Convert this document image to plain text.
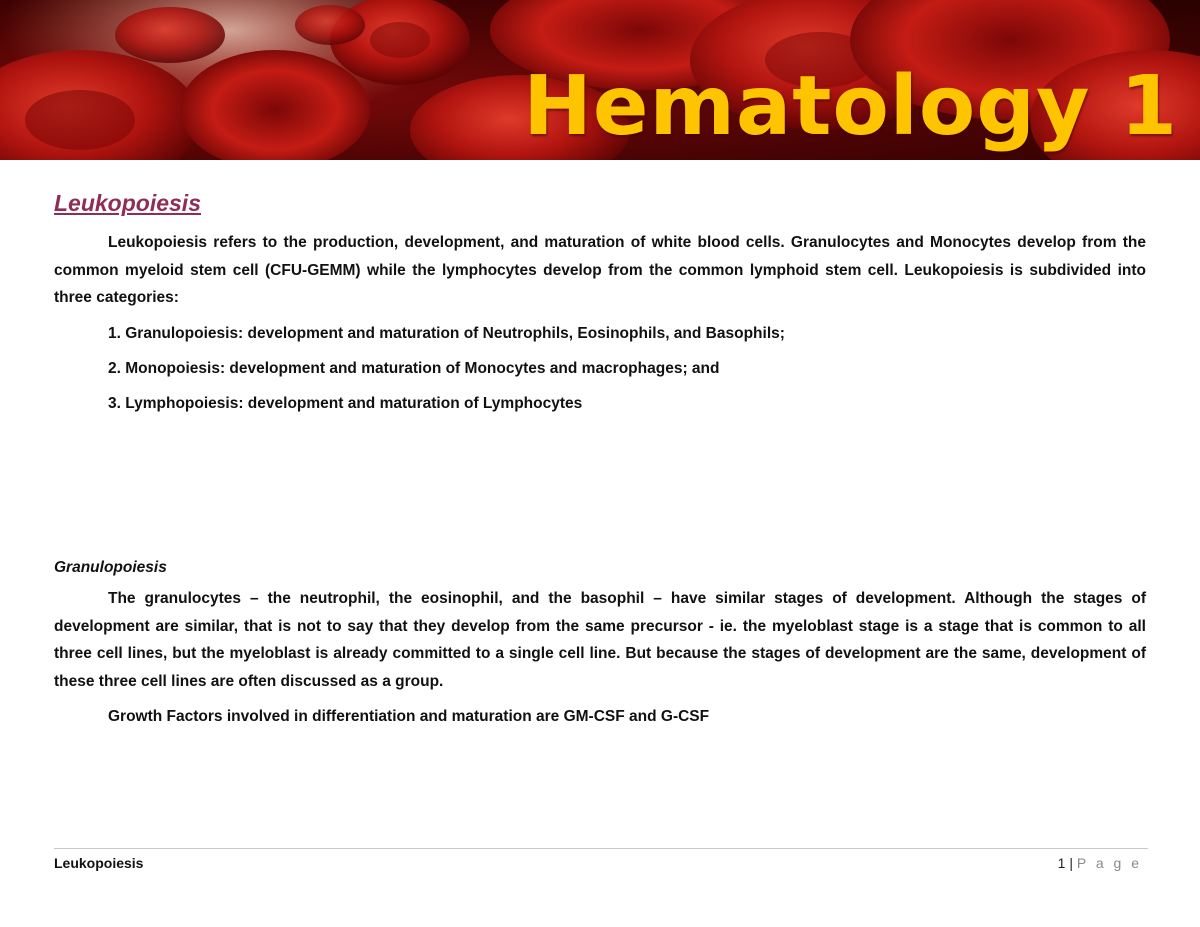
Hematology 1
Leukopoiesis

Leukopoiesis refers to the production, development, and maturation of white blood cells. Granulocytes and Monocytes develop from the common myeloid stem cell (CFU-GEMM) while the lymphocytes develop from the common lymphoid stem cell. Leukopoiesis is subdivided into three categories:

1. Granulopoiesis: development and maturation of Neutrophils, Eosinophils, and Basophils;
2. Monopoiesis: development and maturation of Monocytes and macrophages; and
3. Lymphopoiesis: development and maturation of Lymphocytes
Granulopoiesis

The granulocytes – the neutrophil, the eosinophil, and the basophil – have similar stages of development. Although the stages of development are similar, that is not to say that they develop from the same precursor - ie. the myeloblast stage is a stage that is common to all three cell lines, but the myeloblast is already committed to a single cell line. But because the stages of development are the same, development of these three cell lines are often discussed as a group.

Growth Factors involved in differentiation and maturation are GM-CSF and G-CSF

Leukopoiesis	1 | P a g e
